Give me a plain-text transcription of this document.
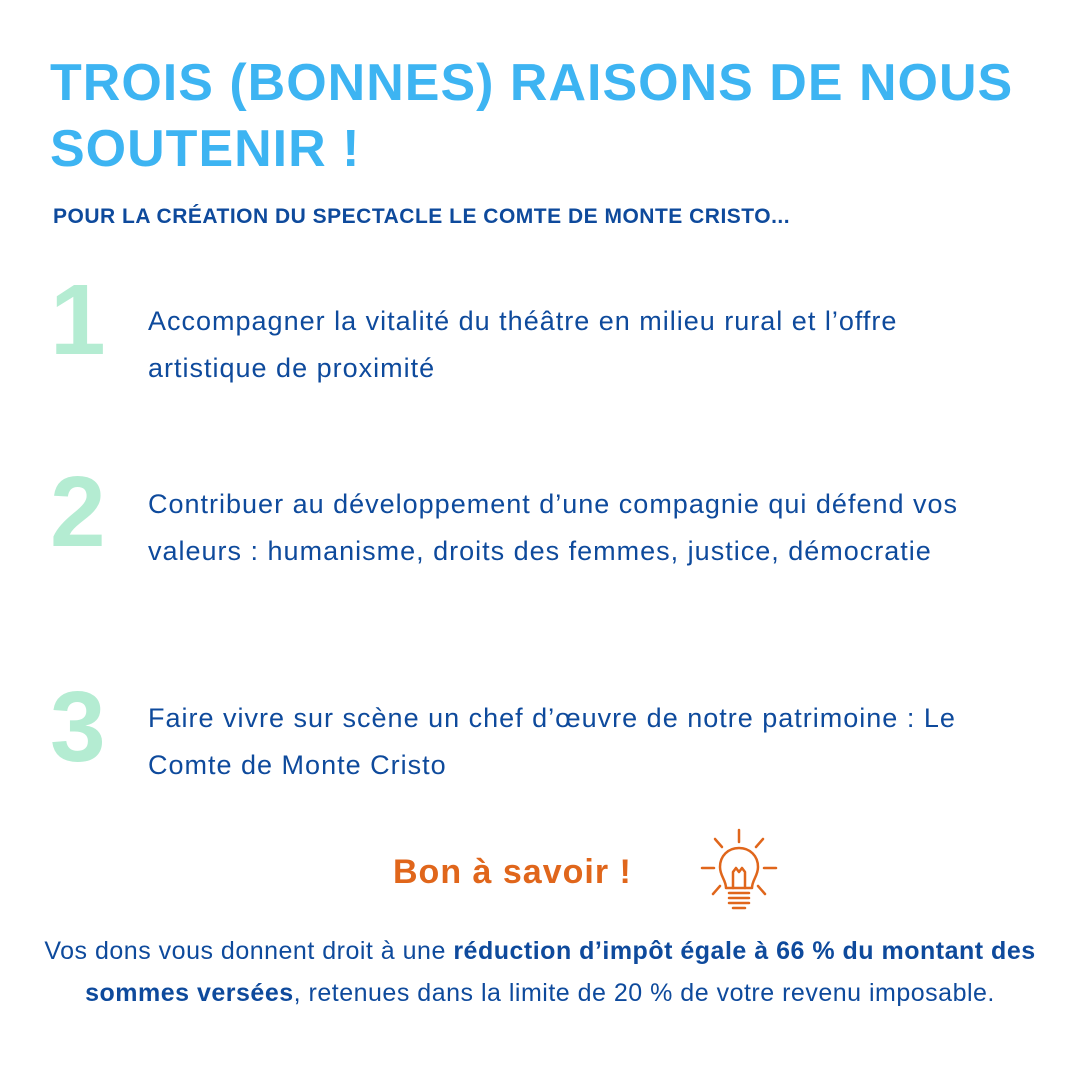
TROIS (BONNES) RAISONS DE NOUS SOUTENIR !

POUR LA CRÉATION DU SPECTACLE LE COMTE DE MONTE CRISTO...

1	Accompagner la vitalité du théâtre en milieu rural et l’offre artistique de proximité

2	Contribuer au développement d’une compagnie qui défend vos valeurs : humanisme, droits des femmes, justice, démocratie

3	Faire vivre sur scène un chef d’œuvre de notre patrimoine : Le Comte de Monte Cristo

Bon à savoir !

Vos dons vous donnent droit à une réduction d’impôt égale à 66 % du montant des sommes versées, retenues dans la limite de 20 % de votre revenu imposable.
